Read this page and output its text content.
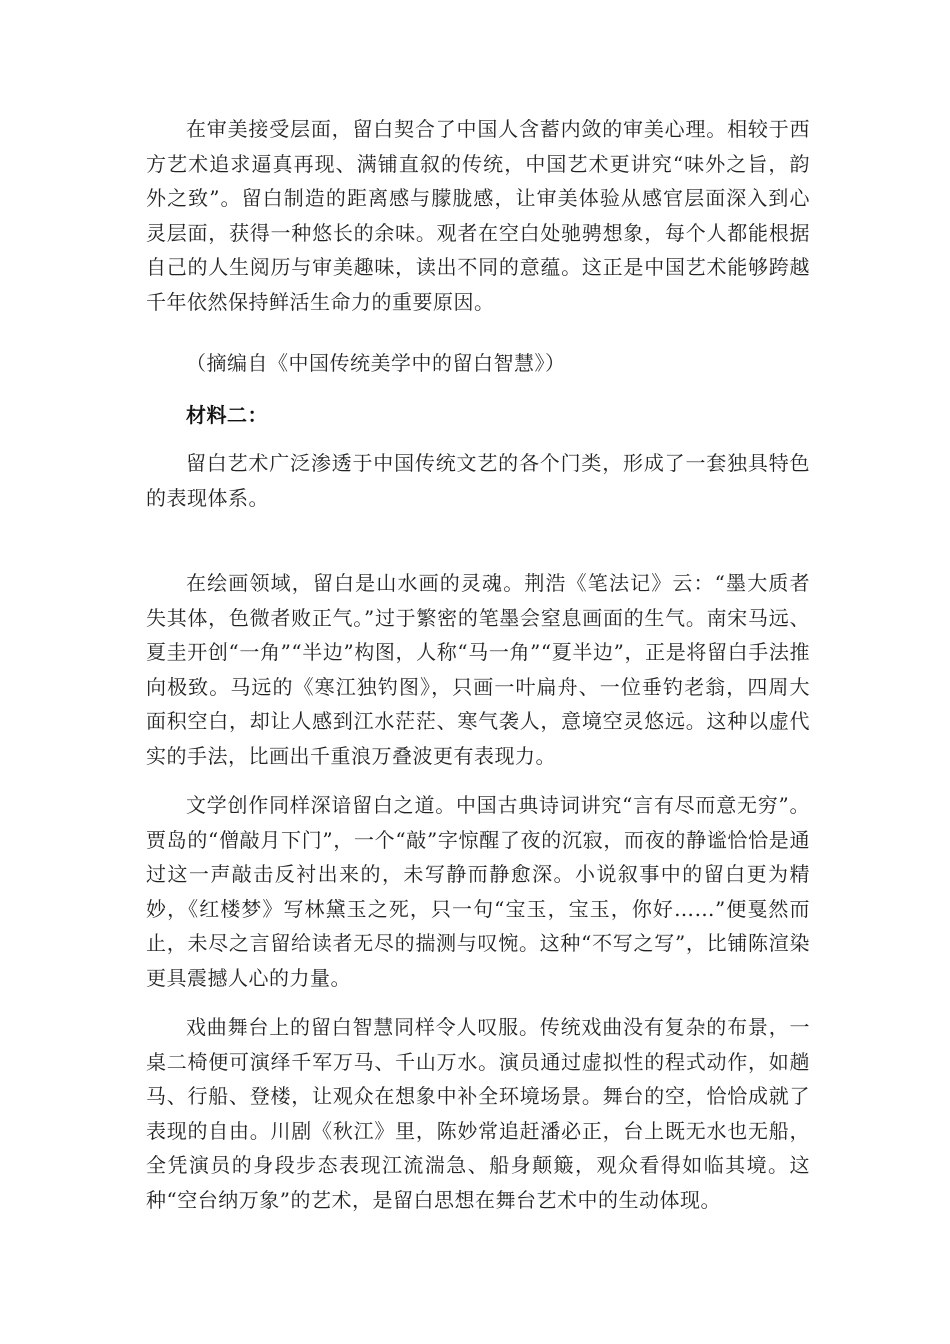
在审美接受层面，留白契合了中国人含蓄内敛的审美心理。相较于西方艺术追求逼真再现、满铺直叙的传统，中国艺术更讲究“味外之旨，韵外之致”。留白制造的距离感与朦胧感，让审美体验从感官层面深入到心灵层面，获得一种悠长的余味。观者在空白处驰骋想象，每个人都能根据自己的人生阅历与审美趣味，读出不同的意蕴。这正是中国艺术能够跨越千年依然保持鲜活生命力的重要原因。

（摘编自《中国传统美学中的留白智慧》）

材料二：

留白艺术广泛渗透于中国传统文艺的各个门类，形成了一套独具特色的表现体系。

在绘画领域，留白是山水画的灵魂。荆浩《笔法记》云：“墨大质者失其体，色微者败正气。”过于繁密的笔墨会窒息画面的生气。南宋马远、夏圭开创“一角”“半边”构图，人称“马一角”“夏半边”，正是将留白手法推向极致。马远的《寒江独钓图》，只画一叶扁舟、一位垂钓老翁，四周大面积空白，却让人感到江水茫茫、寒气袭人，意境空灵悠远。这种以虚代实的手法，比画出千重浪万叠波更有表现力。

文学创作同样深谙留白之道。中国古典诗词讲究“言有尽而意无穷”。贾岛的“僧敲月下门”，一个“敲”字惊醒了夜的沉寂，而夜的静谧恰恰是通过这一声敲击反衬出来的，未写静而静愈深。小说叙事中的留白更为精妙，《红楼梦》写林黛玉之死，只一句“宝玉，宝玉，你好……”便戛然而止，未尽之言留给读者无尽的揣测与叹惋。这种“不写之写”，比铺陈渲染更具震撼人心的力量。

戏曲舞台上的留白智慧同样令人叹服。传统戏曲没有复杂的布景，一桌二椅便可演绎千军万马、千山万水。演员通过虚拟性的程式动作，如趟马、行船、登楼，让观众在想象中补全环境场景。舞台的空，恰恰成就了表现的自由。川剧《秋江》里，陈妙常追赶潘必正，台上既无水也无船，全凭演员的身段步态表现江流湍急、船身颠簸，观众看得如临其境。这种“空台纳万象”的艺术，是留白思想在舞台艺术中的生动体现。
